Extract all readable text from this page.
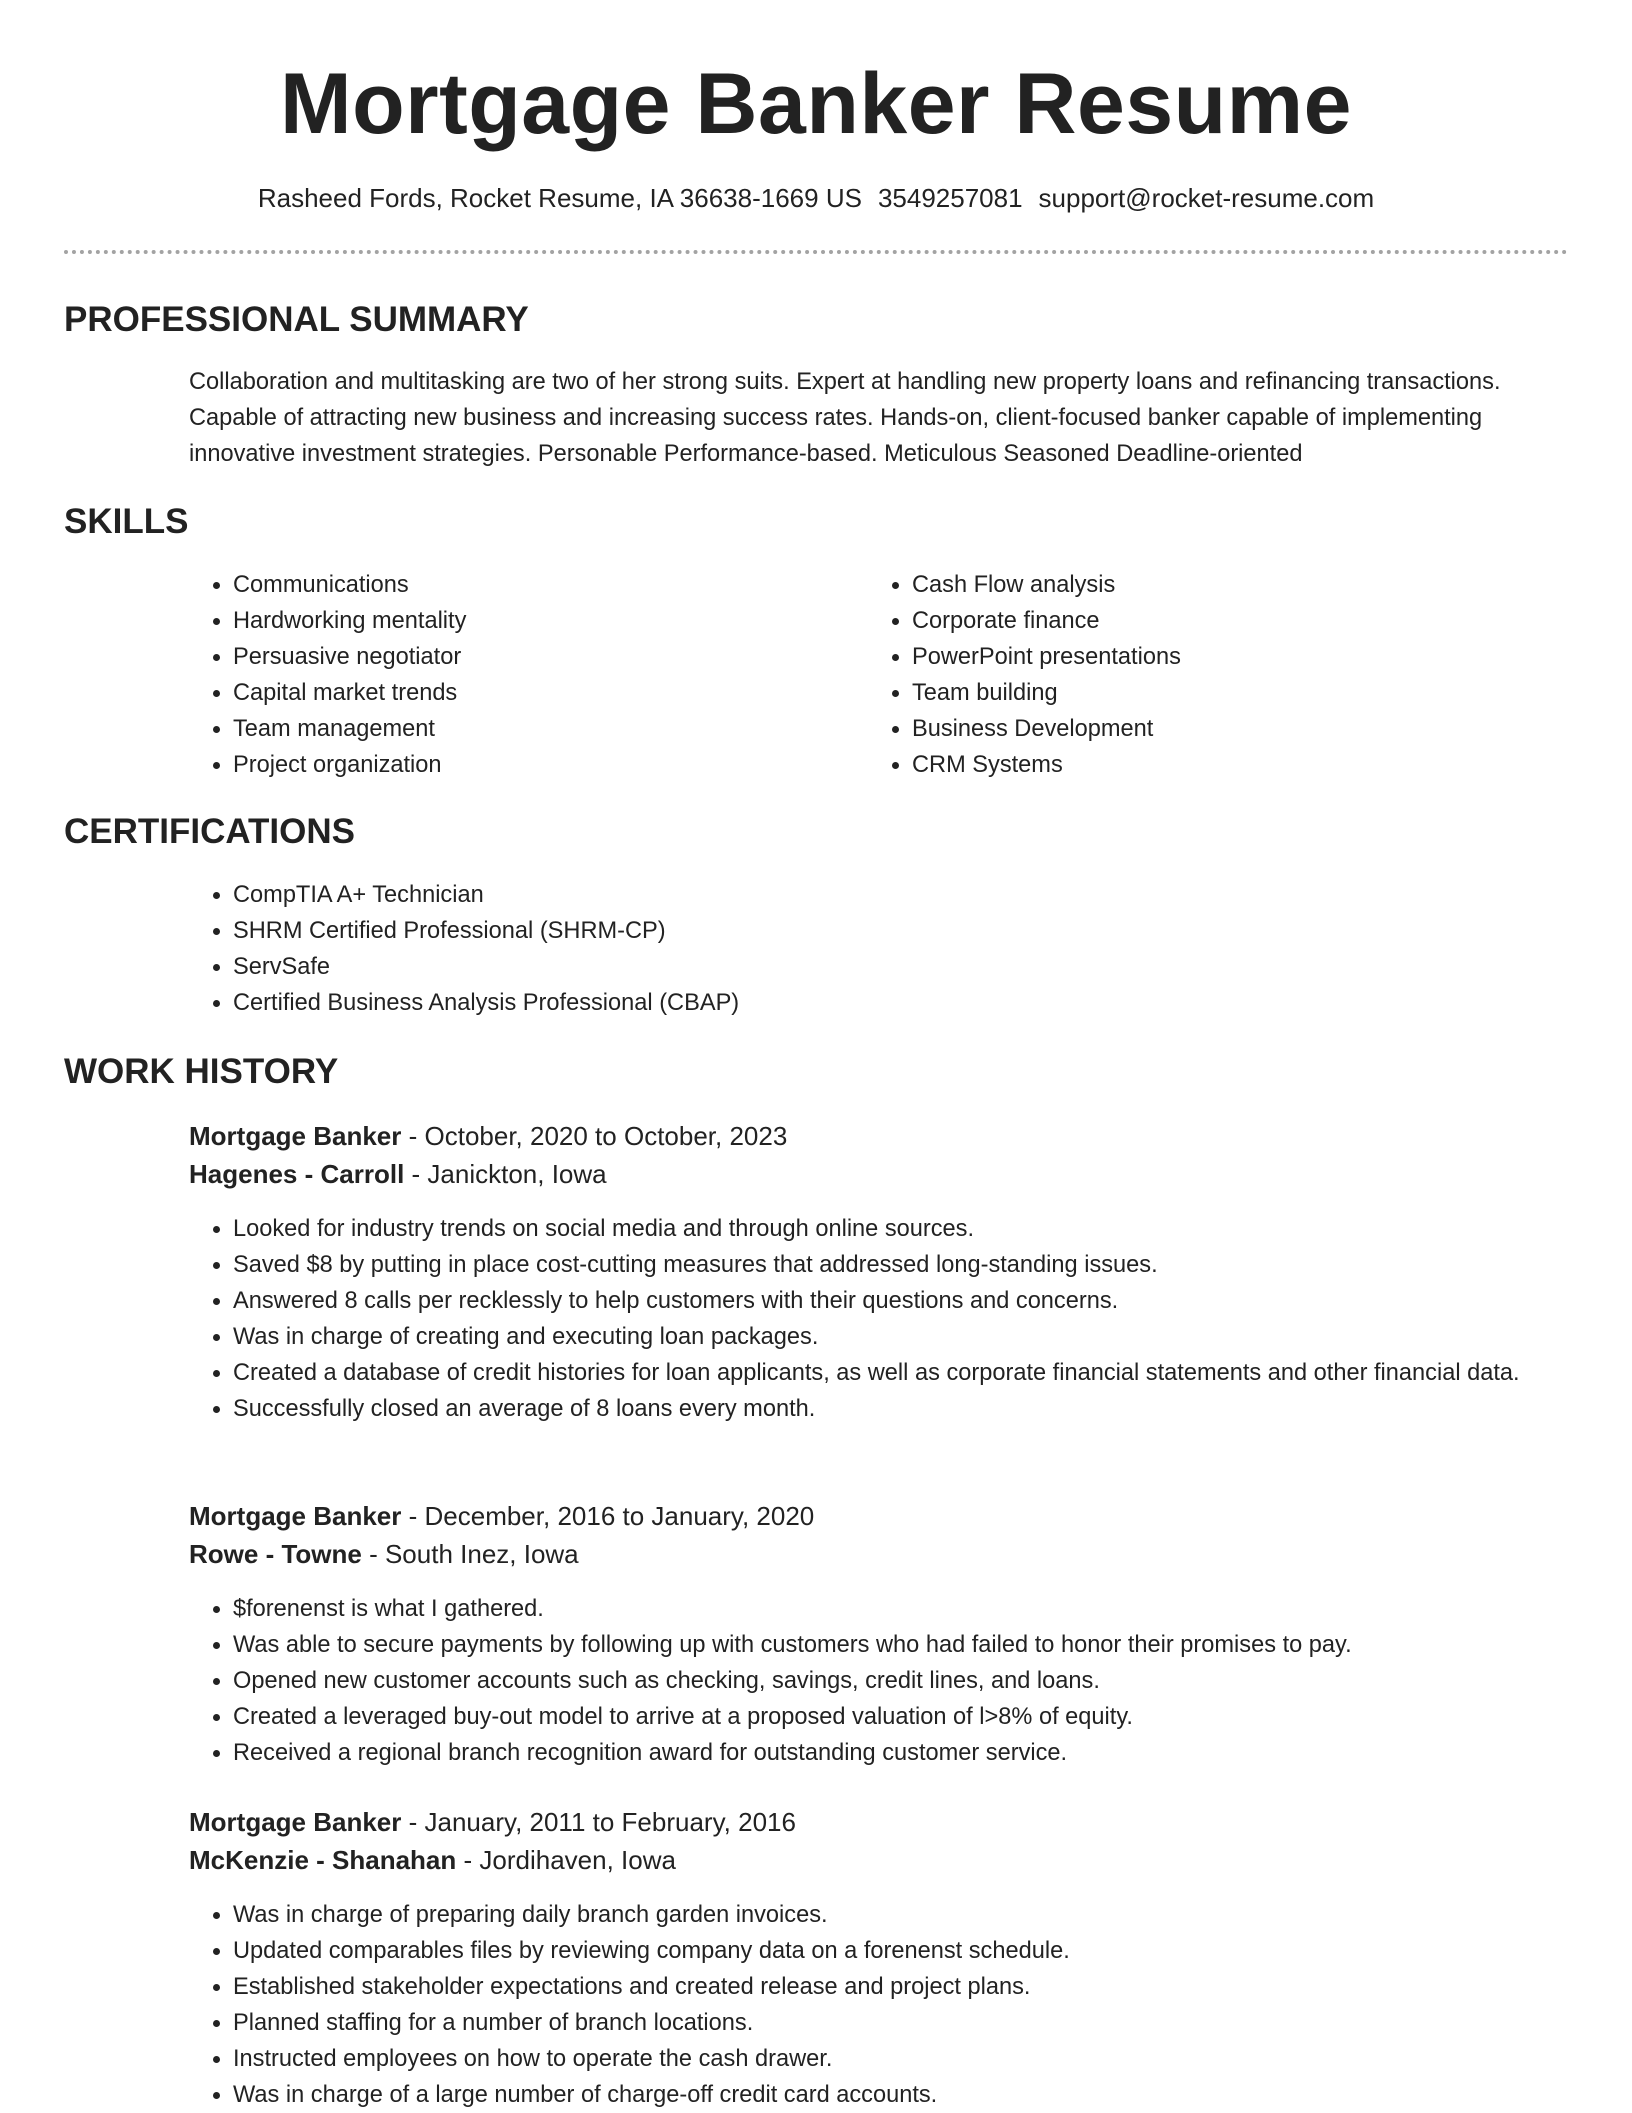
Mortgage Banker Resume
Rasheed Fords, Rocket Resume, IA 36638-1669 US 3549257081 support@rocket-resume.com
PROFESSIONAL SUMMARY

Collaboration and multitasking are two of her strong suits. Expert at handling new property loans and refinancing transactions. Capable of attracting new business and increasing success rates. Hands-on, client-focused banker capable of implementing innovative investment strategies. Personable Performance-based. Meticulous Seasoned Deadline-oriented

SKILLS
• Communications
• Hardworking mentality
• Persuasive negotiator
• Capital market trends
• Team management
• Project organization
• Cash Flow analysis
• Corporate finance
• PowerPoint presentations
• Team building
• Business Development
• CRM Systems
CERTIFICATIONS
• CompTIA A+ Technician
• SHRM Certified Professional (SHRM-CP)
• ServSafe
• Certified Business Analysis Professional (CBAP)
WORK HISTORY
Mortgage Banker - October, 2020 to October, 2023
Hagenes - Carroll - Janickton, Iowa
• Looked for industry trends on social media and through online sources.
• Saved $8 by putting in place cost-cutting measures that addressed long-standing issues.
• Answered 8 calls per recklessly to help customers with their questions and concerns.
• Was in charge of creating and executing loan packages.
• Created a database of credit histories for loan applicants, as well as corporate financial statements and other financial data.
• Successfully closed an average of 8 loans every month.
Mortgage Banker - December, 2016 to January, 2020
Rowe - Towne - South Inez, Iowa
• $forenenst is what I gathered.
• Was able to secure payments by following up with customers who had failed to honor their promises to pay.
• Opened new customer accounts such as checking, savings, credit lines, and loans.
• Created a leveraged buy-out model to arrive at a proposed valuation of l>8% of equity.
• Received a regional branch recognition award for outstanding customer service.
Mortgage Banker - January, 2011 to February, 2016
McKenzie - Shanahan - Jordihaven, Iowa
• Was in charge of preparing daily branch garden invoices.
• Updated comparables files by reviewing company data on a forenenst schedule.
• Established stakeholder expectations and created release and project plans.
• Planned staffing for a number of branch locations.
• Instructed employees on how to operate the cash drawer.
• Was in charge of a large number of charge-off credit card accounts.
